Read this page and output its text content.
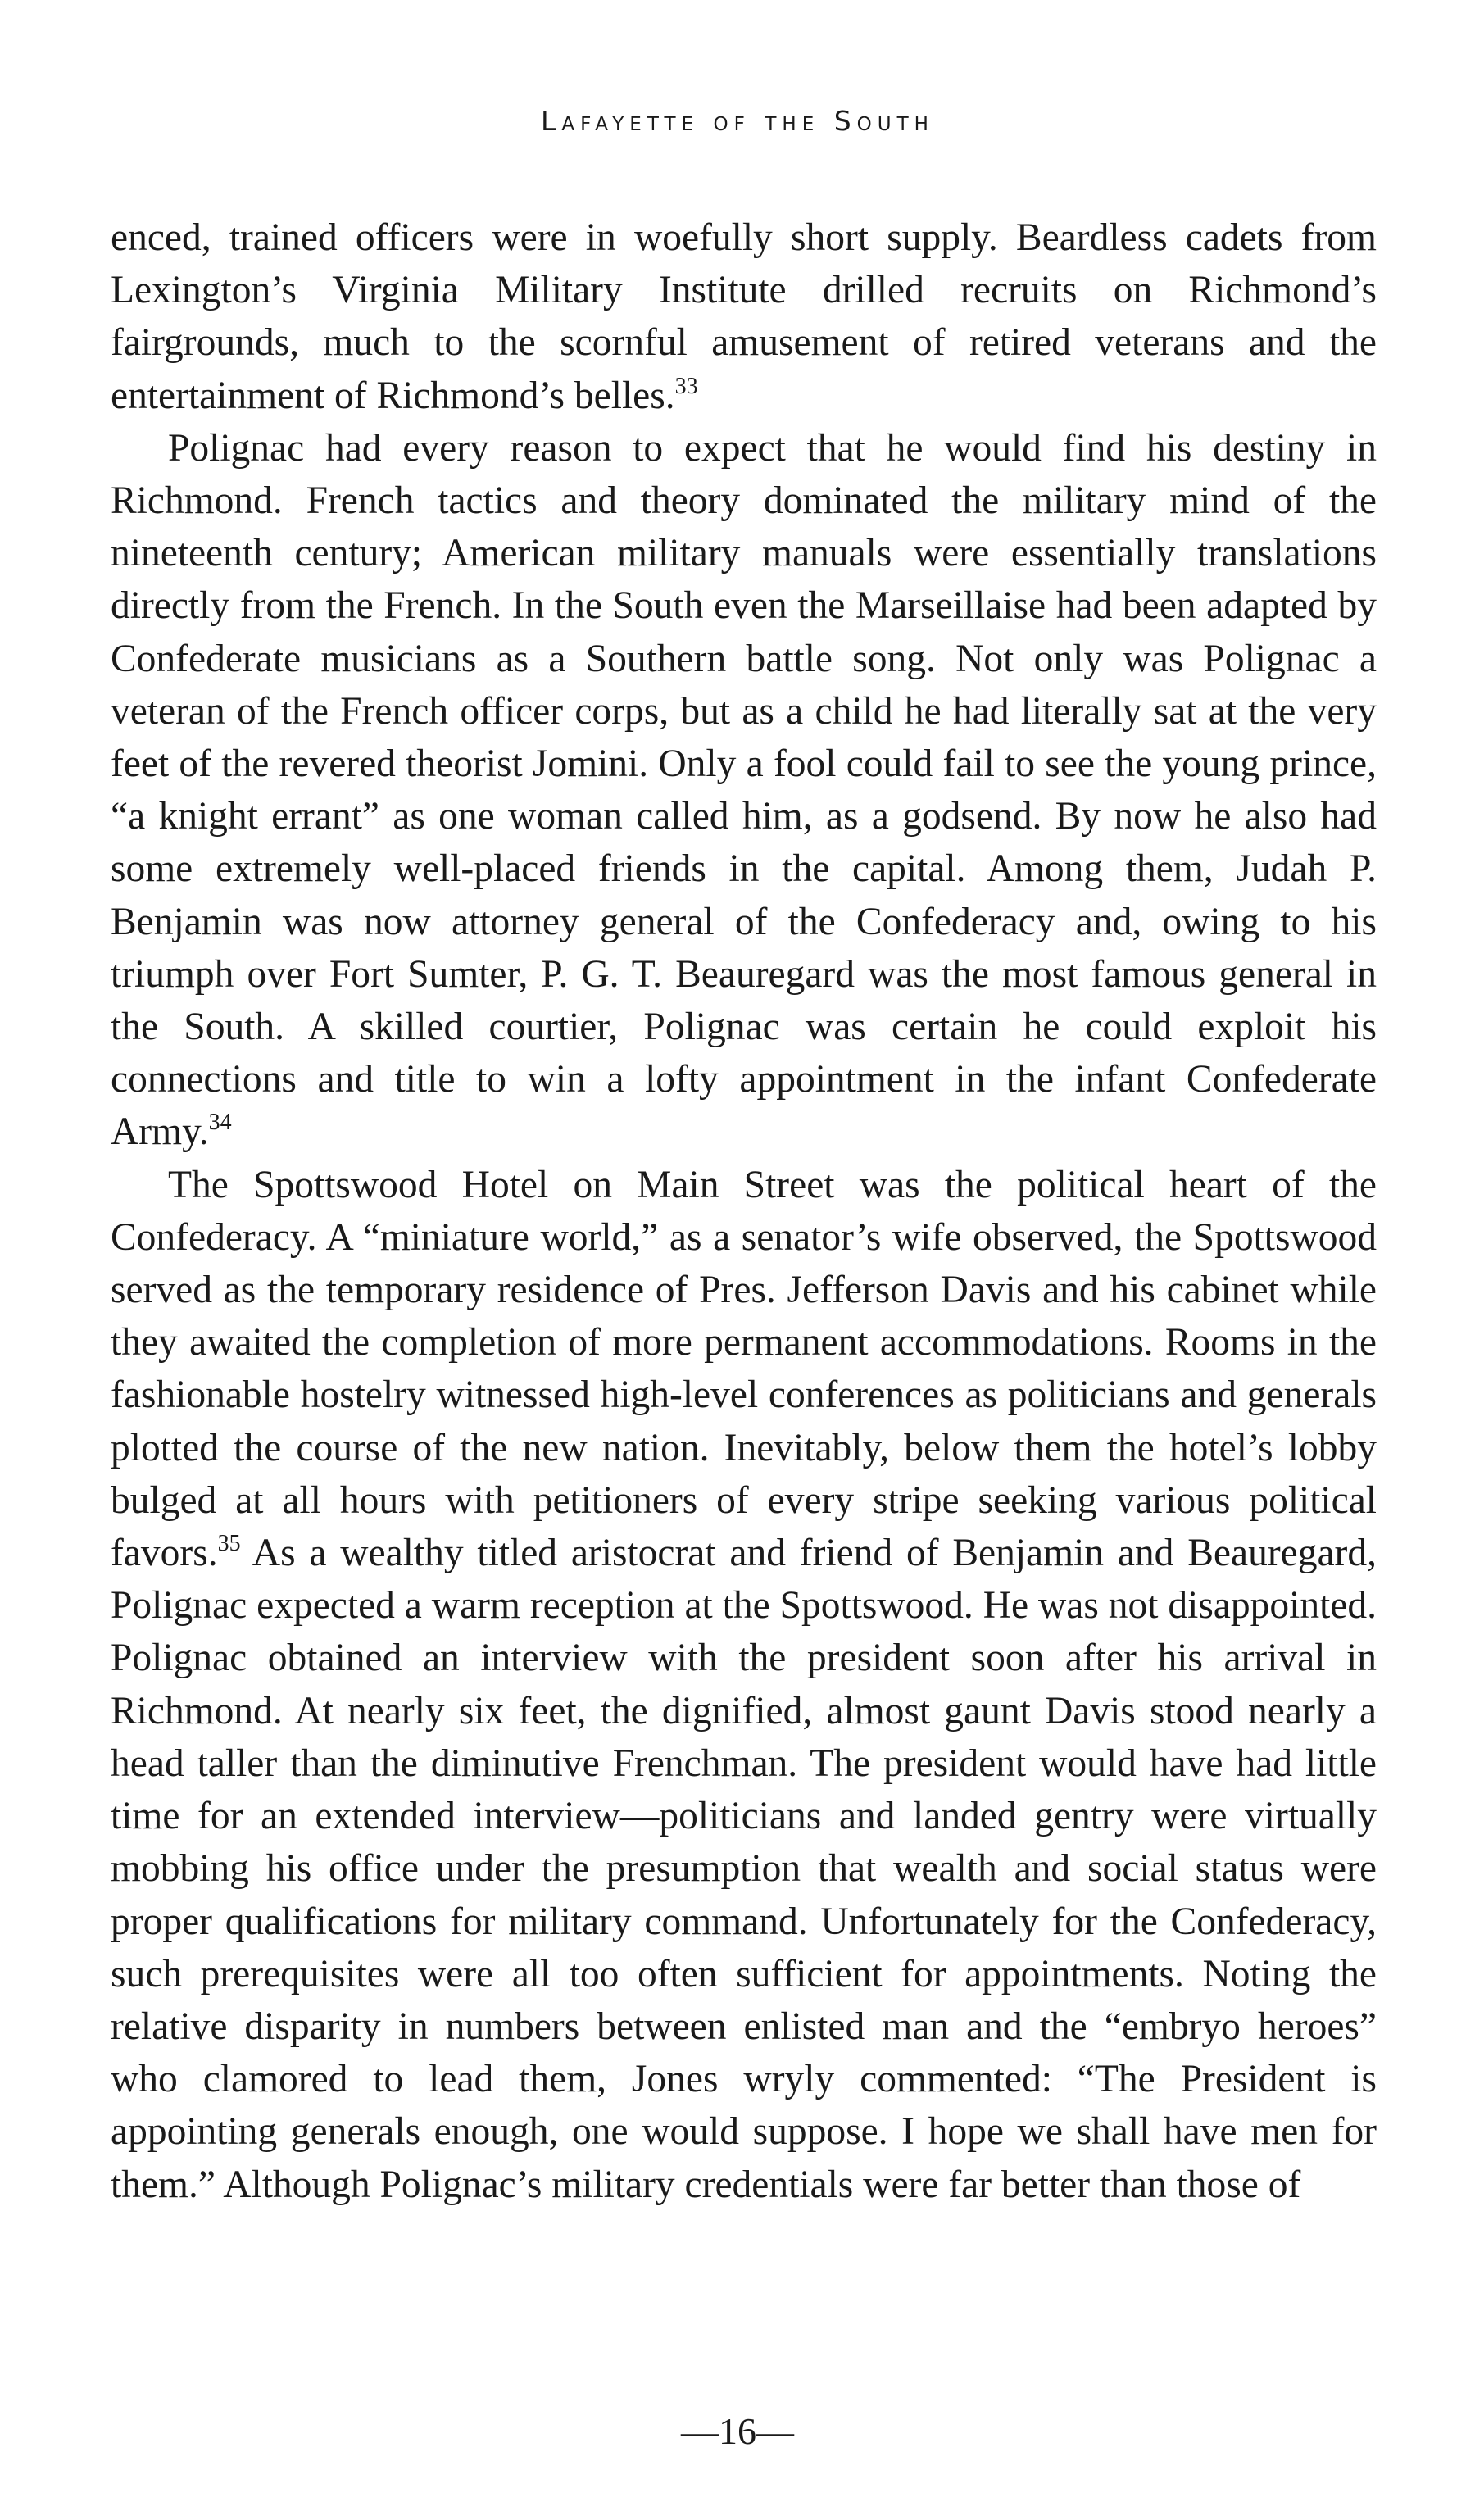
Lafayette of the South

enced, trained officers were in woefully short supply. Beardless cadets from Lexington’s Virginia Military Institute drilled recruits on Richmond’s fairgrounds, much to the scornful amusement of retired veterans and the entertainment of Richmond’s belles.$^{33}$

Polignac had every reason to expect that he would find his destiny in Richmond. French tactics and theory dominated the military mind of the nineteenth century; American military manuals were essentially translations directly from the French. In the South even the Marseillaise had been adapted by Confederate musicians as a Southern battle song. Not only was Polignac a veteran of the French officer corps, but as a child he had literally sat at the very feet of the revered theorist Jomini. Only a fool could fail to see the young prince, “a knight errant” as one woman called him, as a godsend. By now he also had some extremely well-placed friends in the capital. Among them, Judah P. Benjamin was now attorney general of the Confederacy and, owing to his triumph over Fort Sumter, P. G. T. Beauregard was the most famous general in the South. A skilled courtier, Polignac was certain he could exploit his connections and title to win a lofty appointment in the infant Confederate Army.$^{34}$

The Spottswood Hotel on Main Street was the political heart of the Confederacy. A “miniature world,” as a senator’s wife observed, the Spottswood served as the temporary residence of Pres. Jefferson Davis and his cabinet while they awaited the completion of more permanent accommodations. Rooms in the fashionable hostelry witnessed high-level conferences as politicians and generals plotted the course of the new nation. Inevitably, below them the hotel’s lobby bulged at all hours with petitioners of every stripe seeking various political favors.$^{35}$ As a wealthy titled aristocrat and friend of Benjamin and Beauregard, Polignac expected a warm reception at the Spottswood. He was not disappointed. Polignac obtained an interview with the president soon after his arrival in Richmond. At nearly six feet, the dignified, almost gaunt Davis stood nearly a head taller than the diminutive Frenchman. The president would have had little time for an extended interview—politicians and landed gentry were virtually mobbing his office under the presumption that wealth and social status were proper qualifications for military command. Unfortunately for the Confederacy, such prerequisites were all too often sufficient for appointments. Noting the relative disparity in numbers between enlisted man and the “embryo heroes” who clamored to lead them, Jones wryly commented: “The President is appointing generals enough, one would suppose. I hope we shall have men for them.” Although Polignac’s military credentials were far better than those of

—16—
